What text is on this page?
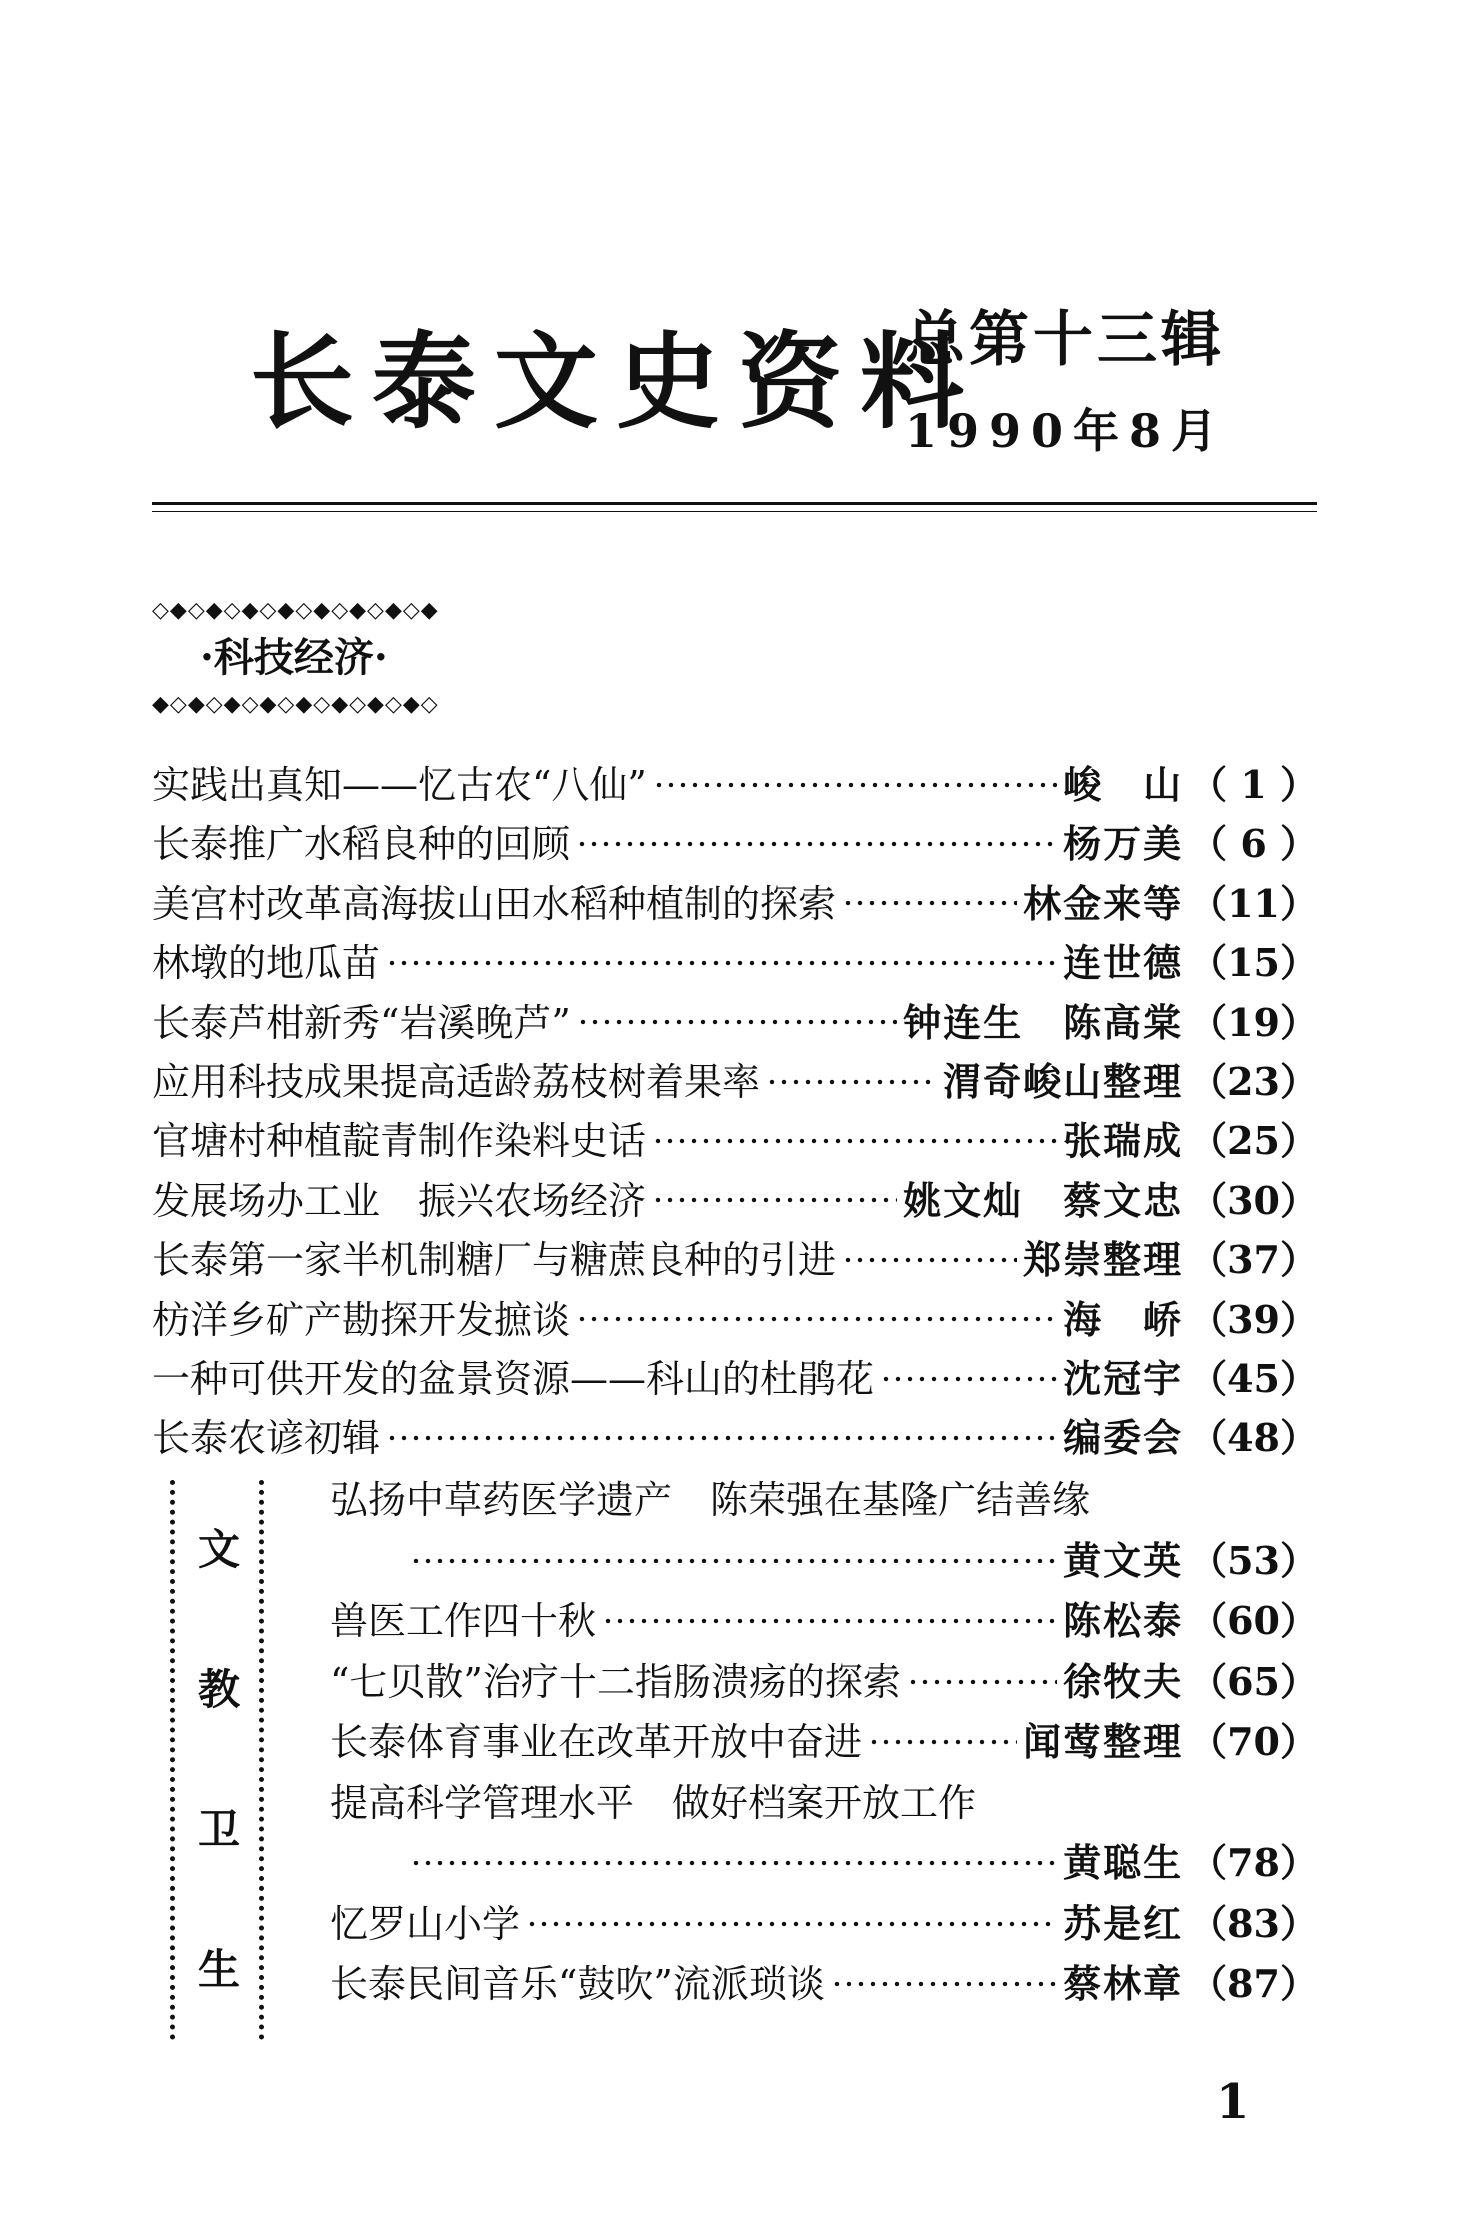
长泰文史资料
总第十三辑
1990年8月
◇◆◇◆◇◆◇◆◇◆◇◆◇◆◇◆
·科技经济·
◆◇◆◇◆◇◆◇◆◇◆◇◆◇◆◇
实践出真知——忆古农“八仙”	峻　山 （ 1 ）
长泰推广水稻良种的回顾	杨万美 （ 6 ）
美宫村改革高海拔山田水稻种植制的探索	林金来等 （11）
林墩的地瓜苗	连世德 （15）
长泰芦柑新秀“岩溪晚芦”	钟连生　陈高棠 （19）
应用科技成果提高适龄荔枝树着果率	渭奇峻山整理 （23）
官塘村种植靛青制作染料史话	张瑞成 （25）
发展场办工业　振兴农场经济	姚文灿　蔡文忠 （30）
长泰第一家半机制糖厂与糖蔗良种的引进	郑崇整理 （37）
枋洋乡矿产勘探开发摭谈	海　峤 （39）
一种可供开发的盆景资源——科山的杜鹃花	沈冠宇 （45）
长泰农谚初辑	编委会 （48）
文
教
卫
生
弘扬中草药医学遗产　陈荣强在基隆广结善缘
黄文英 （53）
兽医工作四十秋	陈松泰 （60）
“七贝散”治疗十二指肠溃疡的探索	徐牧夫 （65）
长泰体育事业在改革开放中奋进	闻莺整理 （70）
提高科学管理水平　做好档案开放工作
黄聪生 （78）
忆罗山小学	苏是红 （83）
长泰民间音乐“鼓吹”流派琐谈	蔡林章 （87）
1
